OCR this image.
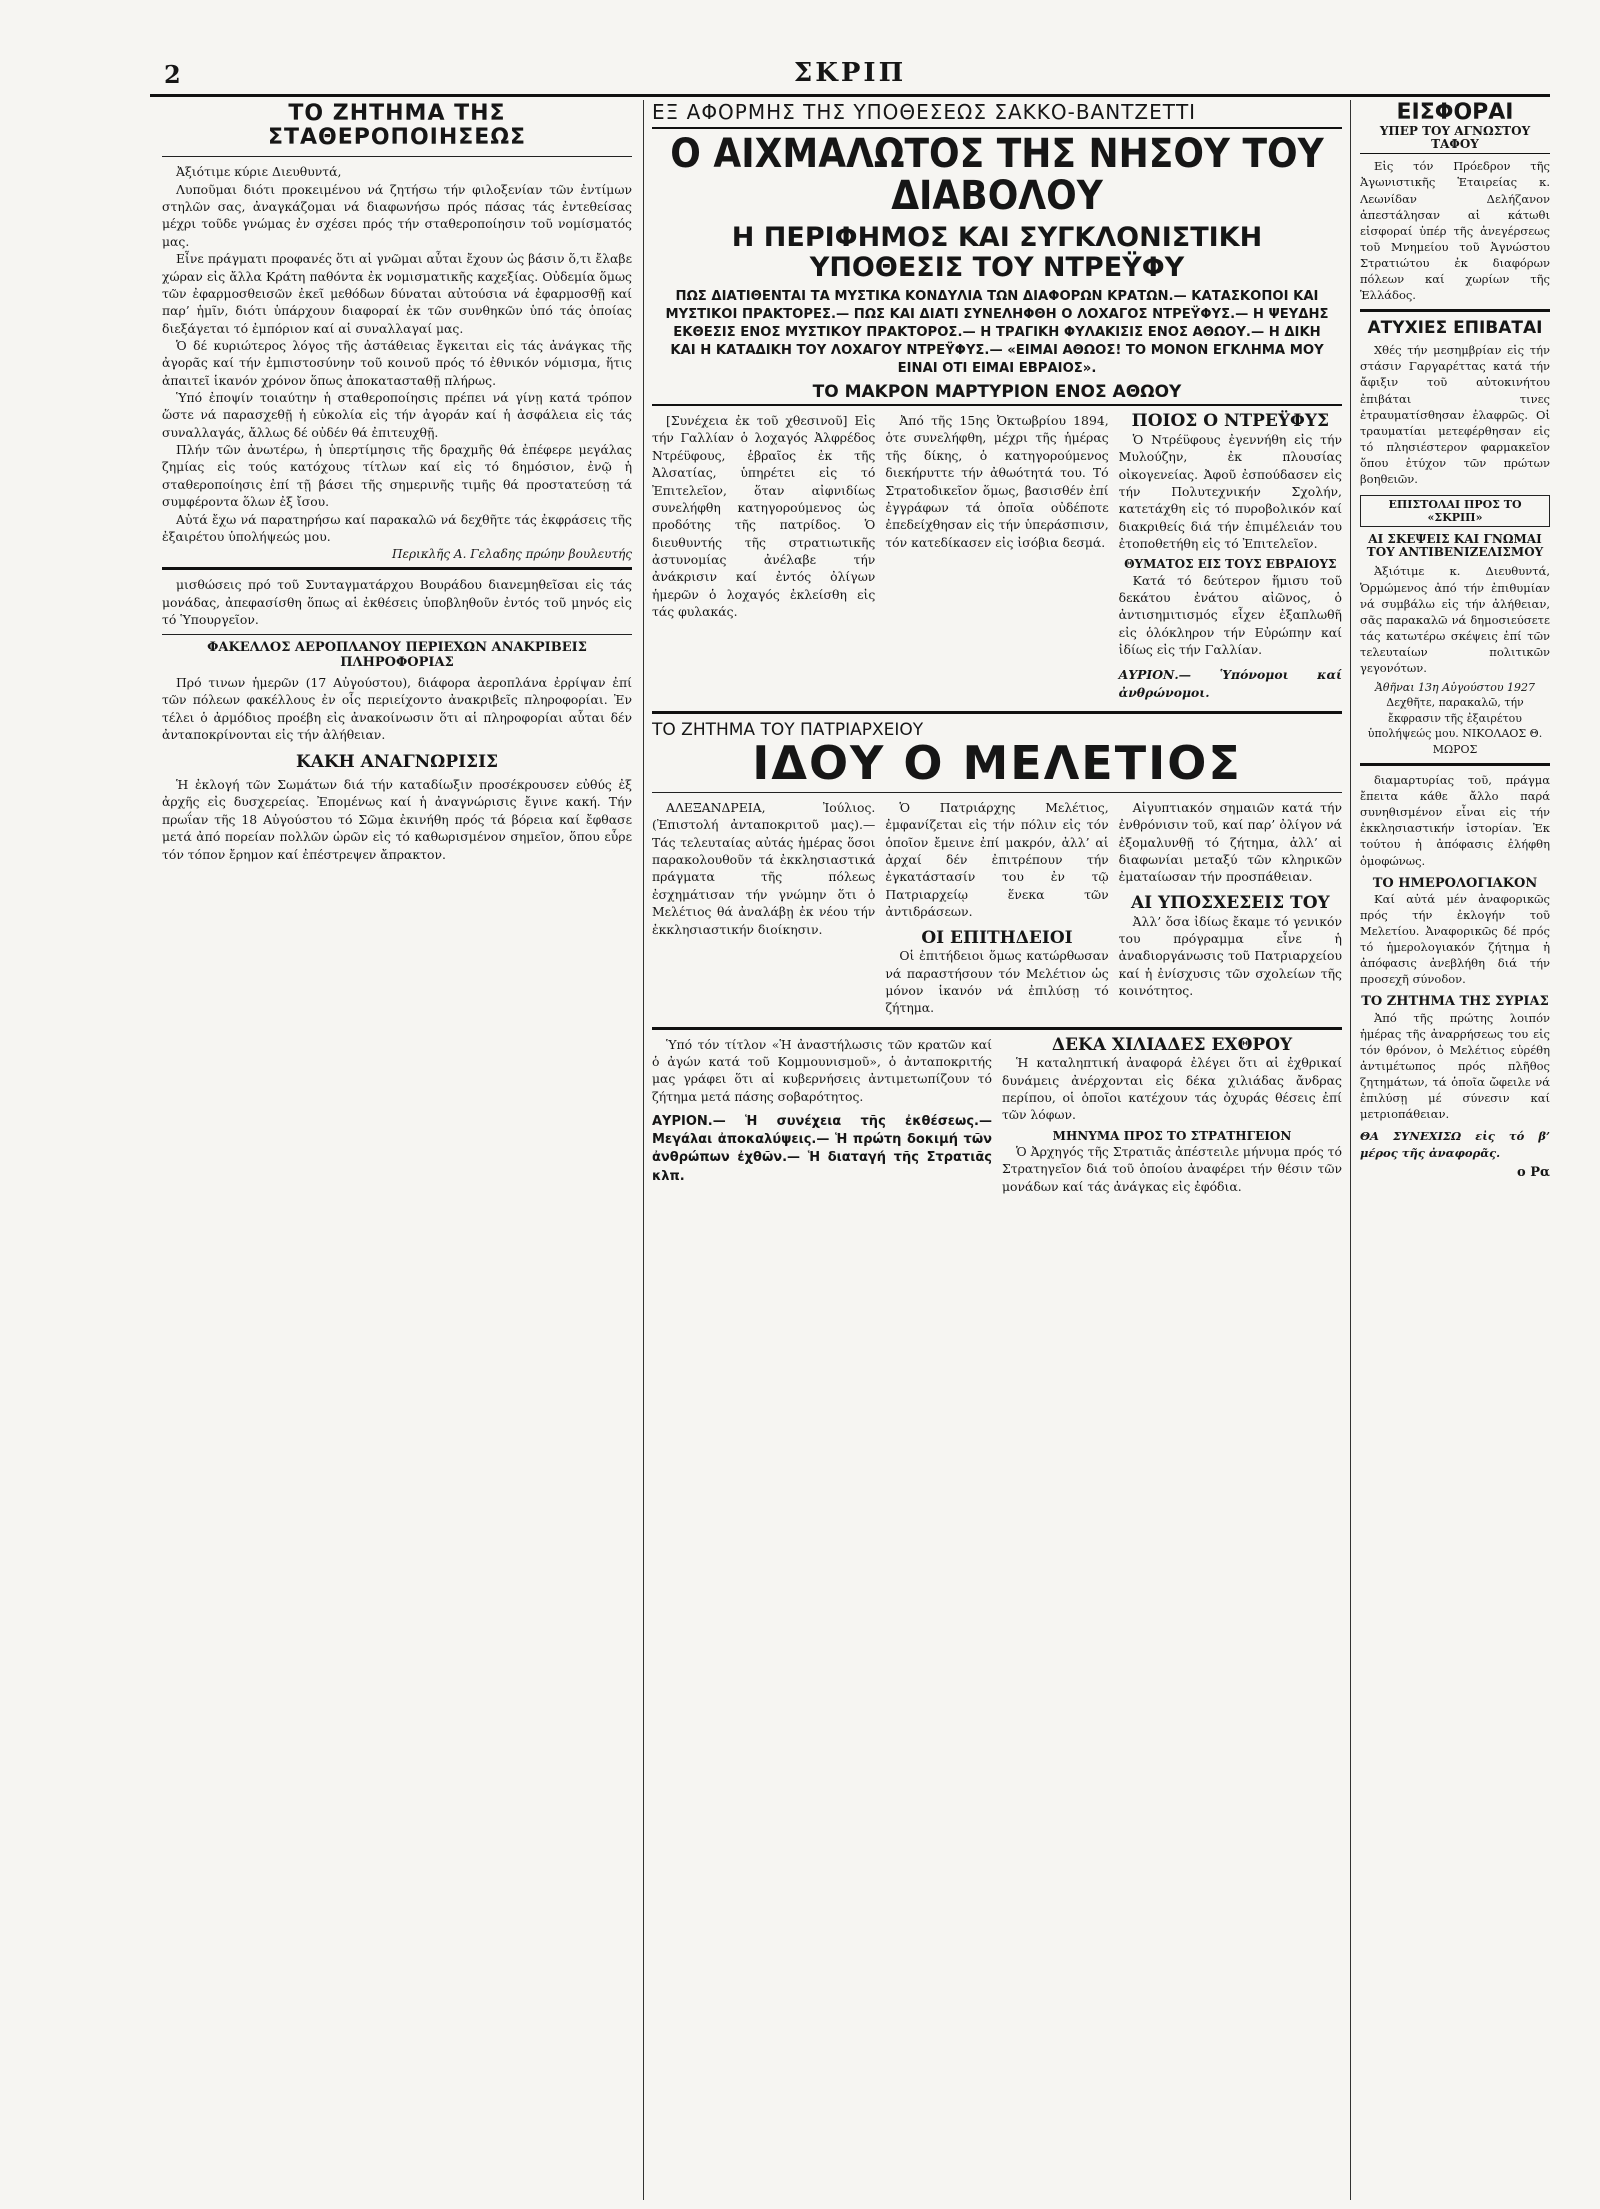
2	ΣΚΡΙΠ
ΤΟ ΖΗΤΗΜΑ ΤΗΣ ΣΤΑΘΕΡΟΠΟΙΗΣΕΩΣ

Ἀξιότιμε κύριε Διευθυντά,

Λυποῦμαι διότι προκειμένου νά ζητήσω τήν φιλοξενίαν τῶν ἐντίμων στηλῶν σας, ἀναγκάζομαι νά διαφωνήσω πρός πάσας τάς ἐντεθείσας μέχρι τοῦδε γνώμας ἐν σχέσει πρός τήν σταθεροποίησιν τοῦ νομίσματός μας.

Εἶνε πράγματι προφανές ὅτι αἱ γνῶμαι αὗται ἔχουν ὡς βάσιν ὅ,τι ἔλαβε χώραν εἰς ἄλλα Κράτη παθόντα ἐκ νομισματικῆς καχεξίας. Οὐδεμία ὅμως τῶν ἐφαρμοσθεισῶν ἐκεῖ μεθόδων δύναται αὐτούσια νά ἐφαρμοσθῇ καί παρ’ ἡμῖν, διότι ὑπάρχουν διαφοραί ἐκ τῶν συνθηκῶν ὑπό τάς ὁποίας διεξάγεται τό ἐμπόριον καί αἱ συναλλαγαί μας.

Ὁ δέ κυριώτερος λόγος τῆς ἀστάθειας ἔγκειται εἰς τάς ἀνάγκας τῆς ἀγορᾶς καί τήν ἐμπιστοσύνην τοῦ κοινοῦ πρός τό ἐθνικόν νόμισμα, ἥτις ἀπαιτεῖ ἱκανόν χρόνον ὅπως ἀποκατασταθῇ πλήρως.

Ὑπό ἐποψίν τοιαύτην ἡ σταθεροποίησις πρέπει νά γίνῃ κατά τρόπον ὥστε νά παρασχεθῇ ἡ εὐκολία εἰς τήν ἀγοράν καί ἡ ἀσφάλεια εἰς τάς συναλλαγάς, ἄλλως δέ οὐδέν θά ἐπιτευχθῇ.

Πλήν τῶν ἀνωτέρω, ἡ ὑπερτίμησις τῆς δραχμῆς θά ἐπέφερε μεγάλας ζημίας εἰς τούς κατόχους τίτλων καί εἰς τό δημόσιον, ἐνῷ ἡ σταθεροποίησις ἐπί τῇ βάσει τῆς σημερινῆς τιμῆς θά προστατεύσῃ τά συμφέροντα ὅλων ἐξ ἴσου.

Αὐτά ἔχω νά παρατηρήσω καί παρακαλῶ νά δεχθῆτε τάς ἐκφράσεις τῆς ἐξαιρέτου ὑπολήψεώς μου.

Περικλῆς Α. Γελαδης πρώην βουλευτής

μισθώσεις πρό τοῦ Συνταγματάρχου Βουράδου διανεμηθεῖσαι εἰς τάς μονάδας, ἀπεφασίσθη ὅπως αἱ ἐκθέσεις ὑποβληθοῦν ἐντός τοῦ μηνός εἰς τό Ὑπουργεῖον.

ΦΑΚΕΛΛΟΣ ΑΕΡΟΠΛΑΝΟΥ ΠΕΡΙΕΧΩΝ ΑΝΑΚΡΙΒΕΙΣ ΠΛΗΡΟΦΟΡΙΑΣ

Πρό τινων ἡμερῶν (17 Αὐγούστου), διάφορα ἀεροπλάνα ἐρρίψαν ἐπί τῶν πόλεων φακέλλους ἐν οἷς περιείχοντο ἀνακριβεῖς πληροφορίαι. Ἐν τέλει ὁ ἀρμόδιος προέβη εἰς ἀνακοίνωσιν ὅτι αἱ πληροφορίαι αὗται δέν ἀνταποκρίνονται εἰς τήν ἀλήθειαν.

ΚΑΚΗ ΑΝΑΓΝΩΡΙΣΙΣ

Ἡ ἐκλογή τῶν Σωμάτων διά τήν καταδίωξιν προσέκρουσεν εὐθύς ἐξ ἀρχῆς εἰς δυσχερείας. Ἐπομένως καί ἡ ἀναγνώρισις ἔγινε κακή. Τήν πρωΐαν τῆς 18 Αὐγούστου τό Σῶμα ἐκινήθη πρός τά βόρεια καί ἔφθασε μετά ἀπό πορείαν πολλῶν ὡρῶν εἰς τό καθωρισμένον σημεῖον, ὅπου εὗρε τόν τόπον ἔρημον καί ἐπέστρεψεν ἄπρακτον.

ΕΞ ΑΦΟΡΜΗΣ ΤΗΣ ΥΠΟΘΕΣΕΩΣ ΣΑΚΚΟ-ΒΑΝΤΖΕΤΤΙ
Ο ΑΙΧΜΑΛΩΤΟΣ ΤΗΣ ΝΗΣΟΥ ΤΟΥ ΔΙΑΒΟΛΟΥ
Η ΠΕΡΙΦΗΜΟΣ ΚΑΙ ΣΥΓΚΛΟΝΙΣΤΙΚΗ ΥΠΟΘΕΣΙΣ ΤΟΥ ΝΤΡΕΫΦΥ
ΠΩΣ ΔΙΑΤΙΘΕΝΤΑΙ ΤΑ ΜΥΣΤΙΚΑ ΚΟΝΔΥΛΙΑ ΤΩΝ ΔΙΑΦΟΡΩΝ ΚΡΑΤΩΝ.— ΚΑΤΑΣΚΟΠΟΙ ΚΑΙ ΜΥΣΤΙΚΟΙ ΠΡΑΚΤΟΡΕΣ.— ΠΩΣ ΚΑΙ ΔΙΑΤΙ ΣΥΝΕΛΗΦΘΗ Ο ΛΟΧΑΓΟΣ ΝΤΡΕΫΦΥΣ.— Η ΨΕΥΔΗΣ ΕΚΘΕΣΙΣ ΕΝΟΣ ΜΥΣΤΙΚΟΥ ΠΡΑΚΤΟΡΟΣ.— Η ΤΡΑΓΙΚΗ ΦΥΛΑΚΙΣΙΣ ΕΝΟΣ ΑΘΩΟΥ.— Η ΔΙΚΗ ΚΑΙ Η ΚΑΤΑΔΙΚΗ ΤΟΥ ΛΟΧΑΓΟΥ ΝΤΡΕΫΦΥΣ.— «ΕΙΜΑΙ ΑΘΩΟΣ! ΤΟ ΜΟΝΟΝ ΕΓΚΛΗΜΑ ΜΟΥ ΕΙΝΑΙ ΟΤΙ ΕΙΜΑΙ ΕΒΡΑΙΟΣ».
ΤΟ ΜΑΚΡΟΝ ΜΑΡΤΥΡΙΟΝ ΕΝΟΣ ΑΘΩΟΥ

[Συνέχεια ἐκ τοῦ χθεσινοῦ] Εἰς τήν Γαλλίαν ὁ λοχαγός Ἀλφρέδος Ντρέϋφους, ἑβραῖος ἐκ τῆς Ἀλσατίας, ὑπηρέτει εἰς τό Ἐπιτελεῖον, ὅταν αἰφνιδίως συνελήφθη κατηγορούμενος ὡς προδότης τῆς πατρίδος. Ὁ διευθυντής τῆς στρατιωτικῆς ἀστυνομίας ἀνέλαβε τήν ἀνάκρισιν καί ἐντός ὀλίγων ἡμερῶν ὁ λοχαγός ἐκλείσθη εἰς τάς φυλακάς.

Ἀπό τῆς 15ης Ὀκτωβρίου 1894, ὁτε συνελήφθη, μέχρι τῆς ἡμέρας τῆς δίκης, ὁ κατηγορούμενος διεκήρυττε τήν ἀθωότητά του. Τό Στρατοδικεῖον ὅμως, βασισθέν ἐπί ἐγγράφων τά ὁποῖα οὐδέποτε ἐπεδείχθησαν εἰς τήν ὑπεράσπισιν, τόν κατεδίκασεν εἰς ἰσόβια δεσμά.

ΠΟΙΟΣ Ο ΝΤΡΕΫΦΥΣ

Ὁ Ντρέϋφους ἐγεννήθη εἰς τήν Μυλούζην, ἐκ πλουσίας οἰκογενείας. Ἀφοῦ ἐσπούδασεν εἰς τήν Πολυτεχνικήν Σχολήν, κατετάχθη εἰς τό πυροβολικόν καί διακριθείς διά τήν ἐπιμέλειάν του ἐτοποθετήθη εἰς τό Ἐπιτελεῖον.

ΘΥΜΑΤΟΣ ΕΙΣ ΤΟΥΣ ΕΒΡΑΙΟΥΣ

Κατά τό δεύτερον ἥμισυ τοῦ δεκάτου ἐνάτου αἰῶνος, ὁ ἀντισημιτισμός εἶχεν ἐξαπλωθῆ εἰς ὁλόκληρον τήν Εὐρώπην καί ἰδίως εἰς τήν Γαλλίαν.

ΑΥΡΙΟΝ.— Ὑπόνομοι καί ἀνθρώνομοι.
ΤΟ ΖΗΤΗΜΑ ΤΟΥ ΠΑΤΡΙΑΡΧΕΙΟΥ
ΙΔΟΥ Ο ΜΕΛΕΤΙΟΣ

ΑΛΕΞΑΝΔΡΕΙΑ, Ἰούλιος. (Ἐπιστολή ἀνταποκριτοῦ μας).— Τάς τελευταίας αὐτάς ἡμέρας ὅσοι παρακολουθοῦν τά ἐκκλησιαστικά πράγματα τῆς πόλεως ἐσχημάτισαν τήν γνώμην ὅτι ὁ Μελέτιος θά ἀναλάβῃ ἐκ νέου τήν ἐκκλησιαστικήν διοίκησιν.

Ὁ Πατριάρχης Μελέτιος, ἐμφανίζεται εἰς τήν πόλιν εἰς τόν ὁποῖον ἔμεινε ἐπί μακρόν, ἀλλ’ αἱ ἀρχαί δέν ἐπιτρέπουν τήν ἐγκατάστασίν του ἐν τῷ Πατριαρχείῳ ἕνεκα τῶν ἀντιδράσεων.

ΟΙ ΕΠΙΤΗΔΕΙΟΙ

Οἱ ἐπιτήδειοι ὅμως κατώρθωσαν νά παραστήσουν τόν Μελέτιον ὡς μόνον ἱκανόν νά ἐπιλύσῃ τό ζήτημα.

Αἰγυπτιακόν σημαιῶν κατά τήν ἐνθρόνισιν τοῦ, καί παρ’ ὀλίγον νά ἐξομαλυνθῇ τό ζήτημα, ἀλλ’ αἱ διαφωνίαι μεταξύ τῶν κληρικῶν ἐματαίωσαν τήν προσπάθειαν.

ΑΙ ΥΠΟΣΧΕΣΕΙΣ ΤΟΥ

Ἀλλ’ ὅσα ἰδίως ἔκαμε τό γενικόν του πρόγραμμα εἶνε ἡ ἀναδιοργάνωσις τοῦ Πατριαρχείου καί ἡ ἐνίσχυσις τῶν σχολείων τῆς κοινότητος.

Ὑπό τόν τίτλον «Ἡ ἀναστήλωσις τῶν κρατῶν καί ὁ ἀγών κατά τοῦ Κομμουνισμοῦ», ὁ ἀνταποκριτής μας γράφει ὅτι αἱ κυβερνήσεις ἀντιμετωπίζουν τό ζήτημα μετά πάσης σοβαρότητος.

ΑΥΡΙΟΝ.— Ἡ συνέχεια τῆς ἐκθέσεως.— Μεγάλαι ἀποκαλύψεις.— Ἡ πρώτη δοκιμή τῶν ἀνθρώπων ἐχθῶν.— Ἡ διαταγή τῆς Στρατιᾶς κλπ.
ΔΕΚΑ ΧΙΛΙΑΔΕΣ ΕΧΘΡΟΥ

Ἡ καταληπτική ἀναφορά ἐλέγει ὅτι αἱ ἐχθρικαί δυνάμεις ἀνέρχονται εἰς δέκα χιλιάδας ἄνδρας περίπου, οἱ ὁποῖοι κατέχουν τάς ὀχυράς θέσεις ἐπί τῶν λόφων.

ΜΗΝΥΜΑ ΠΡΟΣ ΤΟ ΣΤΡΑΤΗΓΕΙΟΝ

Ὁ Ἀρχηγός τῆς Στρατιᾶς ἀπέστειλε μήνυμα πρός τό Στρατηγεῖον διά τοῦ ὁποίου ἀναφέρει τήν θέσιν τῶν μονάδων καί τάς ἀνάγκας εἰς ἐφόδια.

ΕΙΣΦΟΡΑΙ
ΥΠΕΡ ΤΟΥ ΑΓΝΩΣΤΟΥ ΤΑΦΟΥ

Εἰς τόν Πρόεδρον τῆς Ἀγωνιστικῆς Ἑταιρείας κ. Λεωνίδαν Δελήζανον ἀπεστάλησαν αἱ κάτωθι εἰσφοραί ὑπέρ τῆς ἀνεγέρσεως τοῦ Μνημείου τοῦ Ἀγνώστου Στρατιώτου ἐκ διαφόρων πόλεων καί χωρίων τῆς Ἑλλάδος.

ΑΤΥΧΙΕΣ ΕΠΙΒΑΤΑΙ

Χθές τήν μεσημβρίαν εἰς τήν στάσιν Γαργαρέττας κατά τήν ἄφιξιν τοῦ αὐτοκινήτου ἐπιβάται τινες ἐτραυματίσθησαν ἐλαφρῶς. Οἱ τραυματίαι μετεφέρθησαν εἰς τό πλησιέστερον φαρμακεῖον ὅπου ἐτύχον τῶν πρώτων βοηθειῶν.

ΕΠΙΣΤΟΛΑΙ ΠΡΟΣ ΤΟ «ΣΚΡΙΠ»
ΑΙ ΣΚΕΨΕΙΣ ΚΑΙ ΓΝΩΜΑΙ ΤΟΥ ΑΝΤΙΒΕΝΙΖΕΛΙΣΜΟΥ

Ἀξιότιμε κ. Διευθυντά, Ὁρμώμενος ἀπό τήν ἐπιθυμίαν νά συμβάλω εἰς τήν ἀλήθειαν, σᾶς παρακαλῶ νά δημοσιεύσετε τάς κατωτέρω σκέψεις ἐπί τῶν τελευταίων πολιτικῶν γεγονότων.

Ἀθῆναι 13η Αὐγούστου 1927
Δεχθῆτε, παρακαλῶ, τήν ἔκφρασιν τῆς ἐξαιρέτου ὑπολήψεώς μου. ΝΙΚΟΛΑΟΣ Θ. ΜΩΡΟΣ

διαμαρτυρίας τοῦ, πράγμα ἔπειτα κάθε ἄλλο παρά συνηθισμένον εἶναι εἰς τήν ἐκκλησιαστικήν ἱστορίαν. Ἐκ τούτου ἡ ἀπόφασις ἐλήφθη ὁμοφώνως.

ΤΟ ΗΜΕΡΟΛΟΓΙΑΚΟΝ

Καί αὐτά μέν ἀναφορικῶς πρός τήν ἐκλογήν τοῦ Μελετίου. Ἀναφορικῶς δέ πρός τό ἡμερολογιακόν ζήτημα ἡ ἀπόφασις ἀνεβλήθη διά τήν προσεχῆ σύνοδον.

ΤΟ ΖΗΤΗΜΑ ΤΗΣ ΣΥΡΙΑΣ

Ἀπό τῆς πρώτης λοιπόν ἡμέρας τῆς ἀναρρήσεως του εἰς τόν θρόνον, ὁ Μελέτιος εὑρέθη ἀντιμέτωπος πρός πλῆθος ζητημάτων, τά ὁποῖα ὤφειλε νά ἐπιλύσῃ μέ σύνεσιν καί μετριοπάθειαν.

ΘΑ ΣΥΝΕΧΙΣΩ εἰς τό β’ μέρος τῆς ἀναφορᾶς.
ο Ρα
